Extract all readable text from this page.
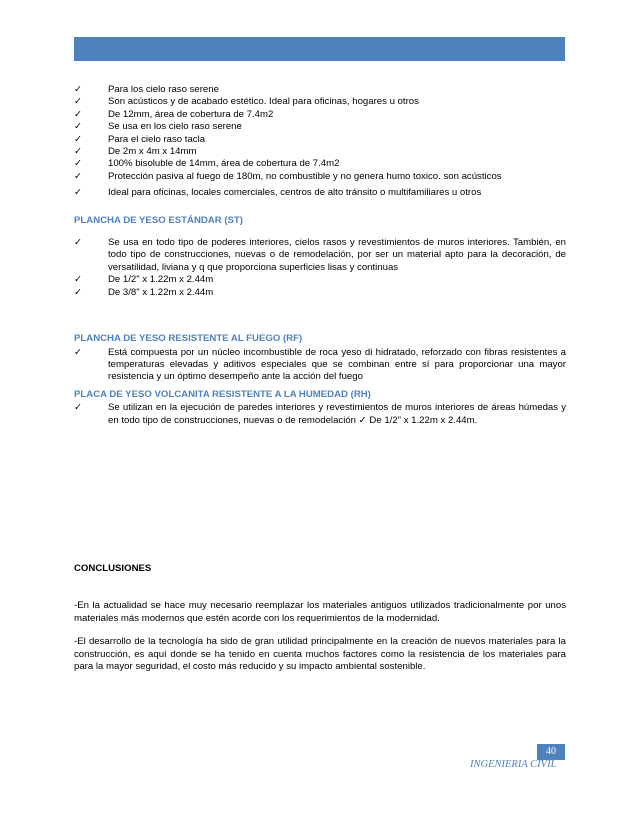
✓	Para los cielo raso serene
✓	Son acústicos y de acabado estético. Ideal para oficinas, hogares u otros
✓	De 12mm, área de cobertura de 7.4m2
✓	Se usa en los cielo raso serene
✓	Para el cielo raso tacla
✓	De 2m x 4m x 14mm
✓	100% bisoluble de 14mm, área de cobertura de 7.4m2
✓	Protección pasiva al fuego de 180m, no combustible y no genera humo toxico. son acústicos
✓	Ideal para oficinas, locales comerciales, centros de alto tránsito o multifamiliares u otros

PLANCHA DE YESO ESTÁNDAR (ST)

✓	Se usa en todo tipo de poderes interiores, cielos rasos y revestimientos de muros interiores. También, en todo tipo de construcciones, nuevas o de remodelación, por ser un material apto para la decoración, de versatilidad, liviana y q que proporciona superficies lisas y continuas
✓	De 1/2" x 1.22m x 2.44m
✓	De 3/8" x 1.22m x 2.44m

PLANCHA DE YESO RESISTENTE AL FUEGO (RF)

✓	Está compuesta por un núcleo incombustible de roca yeso di hidratado, reforzado con fibras resistentes a temperaturas elevadas y aditivos especiales que se combinan entre sí para proporcionar una mayor resistencia y un óptimo desempeño ante la acción del fuego

PLACA DE YESO VOLCANITA RESISTENTE A LA HUMEDAD (RH)

✓	Se utilizan en la ejecución de paredes interiores y revestimientos de muros interiores de áreas húmedas y en todo tipo de construcciones, nuevas o de remodelación ✓ De 1/2" x 1.22m x 2.44m.

CONCLUSIONES

-En la actualidad se hace muy necesario reemplazar los materiales antiguos utilizados tradicionalmente por unos materiales más modernos que estén acorde con los requerimientos de la modernidad.

-El desarrollo de la tecnología ha sido de gran utilidad principalmente en la creación de nuevos materiales para la construcción, es aquí donde se ha tenido en cuenta muchos factores como la resistencia de los materiales para para la mayor seguridad, el costo más reducido y su impacto ambiental sostenible.

40
INGENIERIA CIVIL
